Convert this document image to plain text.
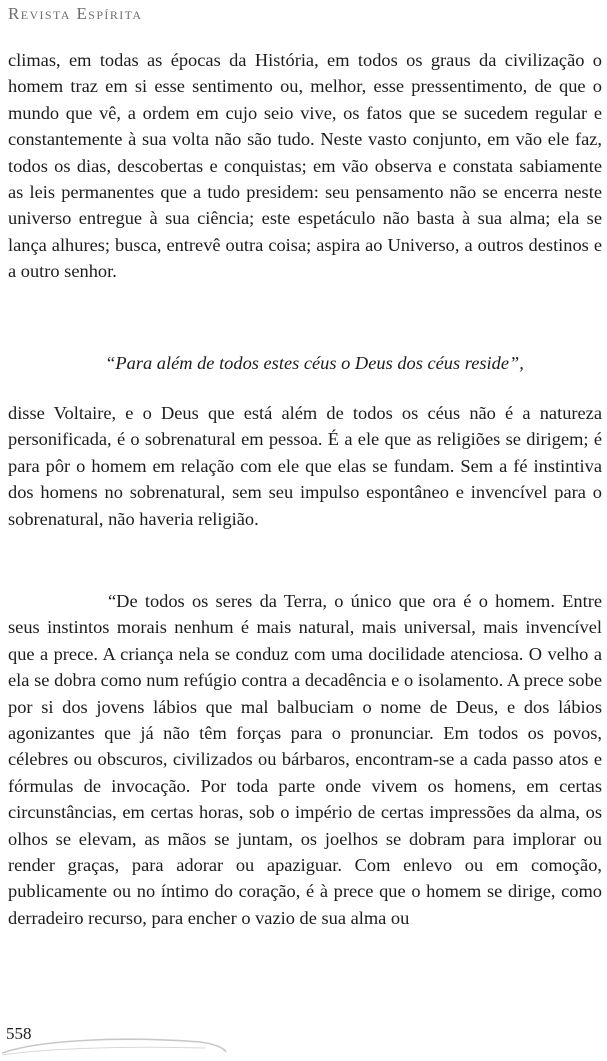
Revista Espírita
climas, em todas as épocas da História, em todos os graus da civilização o homem traz em si esse sentimento ou, melhor, esse pressentimento, de que o mundo que vê, a ordem em cujo seio vive, os fatos que se sucedem regular e constantemente à sua volta não são tudo. Neste vasto conjunto, em vão ele faz, todos os dias, descobertas e conquistas; em vão observa e constata sabiamente as leis permanentes que a tudo presidem: seu pensamento não se encerra neste universo entregue à sua ciência; este espetáculo não basta à sua alma; ela se lança alhures; busca, entrevê outra coisa; aspira ao Universo, a outros destinos e a outro senhor.
“Para além de todos estes céus o Deus dos céus reside”,
disse Voltaire, e o Deus que está além de todos os céus não é a natureza personificada, é o sobrenatural em pessoa. É a ele que as religiões se dirigem; é para pôr o homem em relação com ele que elas se fundam. Sem a fé instintiva dos homens no sobrenatural, sem seu impulso espontâneo e invencível para o sobrenatural, não haveria religião.
“De todos os seres da Terra, o único que ora é o homem. Entre seus instintos morais nenhum é mais natural, mais universal, mais invencível que a prece. A criança nela se conduz com uma docilidade atenciosa. O velho a ela se dobra como num refúgio contra a decadência e o isolamento. A prece sobe por si dos jovens lábios que mal balbuciam o nome de Deus, e dos lábios agonizantes que já não têm forças para o pronunciar. Em todos os povos, célebres ou obscuros, civilizados ou bárbaros, encontram-se a cada passo atos e fórmulas de invocação. Por toda parte onde vivem os homens, em certas circunstâncias, em certas horas, sob o império de certas impressões da alma, os olhos se elevam, as mãos se juntam, os joelhos se dobram para implorar ou render graças, para adorar ou apaziguar. Com enlevo ou em comoção, publicamente ou no íntimo do coração, é à prece que o homem se dirige, como derradeiro recurso, para encher o vazio de sua alma ou
558
